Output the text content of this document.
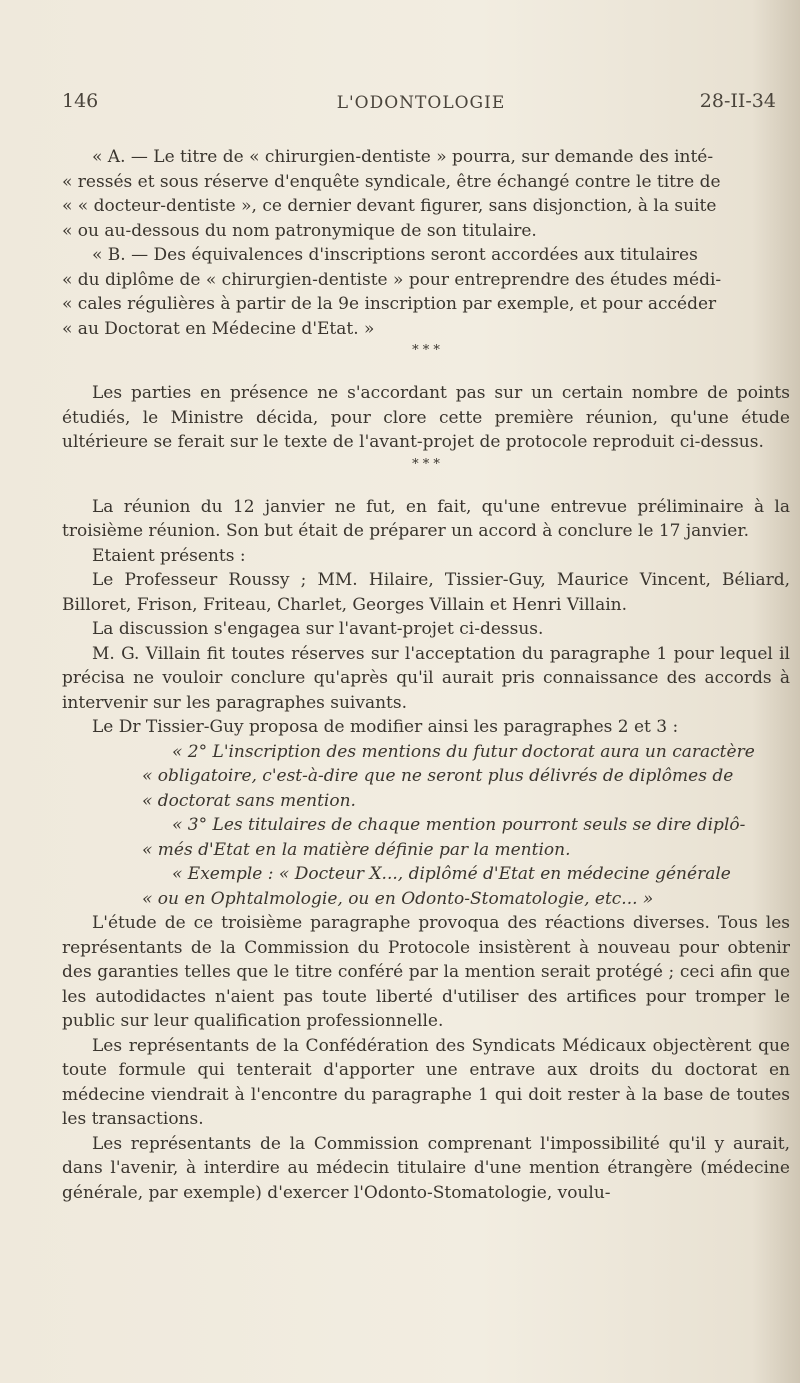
146	L'ODONTOLOGIE	28-II-34

« A. — Le titre de « chirurgien-dentiste » pourra, sur demande des inté-

« ressés et sous réserve d'enquête syndicale, être échangé contre le titre de

« « docteur-dentiste », ce dernier devant figurer, sans disjonction, à la suite

« ou au-dessous du nom patronymique de son titulaire.

« B. — Des équivalences d'inscriptions seront accordées aux titulaires

« du diplôme de « chirurgien-dentiste » pour entreprendre des études médi-

« cales régulières à partir de la 9e inscription par exemple, et pour accéder

« au Doctorat en Médecine d'Etat. »

* * *

Les parties en présence ne s'accordant pas sur un certain nombre de points étudiés, le Ministre décida, pour clore cette première réunion, qu'une étude ultérieure se ferait sur le texte de l'avant-projet de protocole reproduit ci-dessus.

* * *

La réunion du 12 janvier ne fut, en fait, qu'une entrevue préliminaire à la troisième réunion. Son but était de préparer un accord à conclure le 17 janvier.

Etaient présents :

Le Professeur Roussy ; MM. Hilaire, Tissier-Guy, Maurice Vincent, Béliard, Billoret, Frison, Friteau, Charlet, Georges Villain et Henri Villain.

La discussion s'engagea sur l'avant-projet ci-dessus.

M. G. Villain fit toutes réserves sur l'acceptation du paragraphe 1 pour lequel il précisa ne vouloir conclure qu'après qu'il aurait pris connaissance des accords à intervenir sur les paragraphes suivants.

Le Dr Tissier-Guy proposa de modifier ainsi les paragraphes 2 et 3 :

« 2° L'inscription des mentions du futur doctorat aura un caractère

« obligatoire, c'est-à-dire que ne seront plus délivrés de diplômes de

« doctorat sans mention.

« 3° Les titulaires de chaque mention pourront seuls se dire diplô-

« més d'Etat en la matière définie par la mention.

« Exemple : « Docteur X..., diplômé d'Etat en médecine générale

« ou en Ophtalmologie, ou en Odonto-Stomatologie, etc... »

L'étude de ce troisième paragraphe provoqua des réactions diverses. Tous les représentants de la Commission du Protocole insistèrent à nouveau pour obtenir des garanties telles que le titre conféré par la mention serait protégé ; ceci afin que les autodidactes n'aient pas toute liberté d'utiliser des artifices pour tromper le public sur leur qualification professionnelle.

Les représentants de la Confédération des Syndicats Médicaux objectèrent que toute formule qui tenterait d'apporter une entrave aux droits du doctorat en médecine viendrait à l'encontre du paragraphe 1 qui doit rester à la base de toutes les transactions.

Les représentants de la Commission comprenant l'impossibilité qu'il y aurait, dans l'avenir, à interdire au médecin titulaire d'une mention étrangère (médecine générale, par exemple) d'exercer l'Odonto-Stomatologie, voulu-
